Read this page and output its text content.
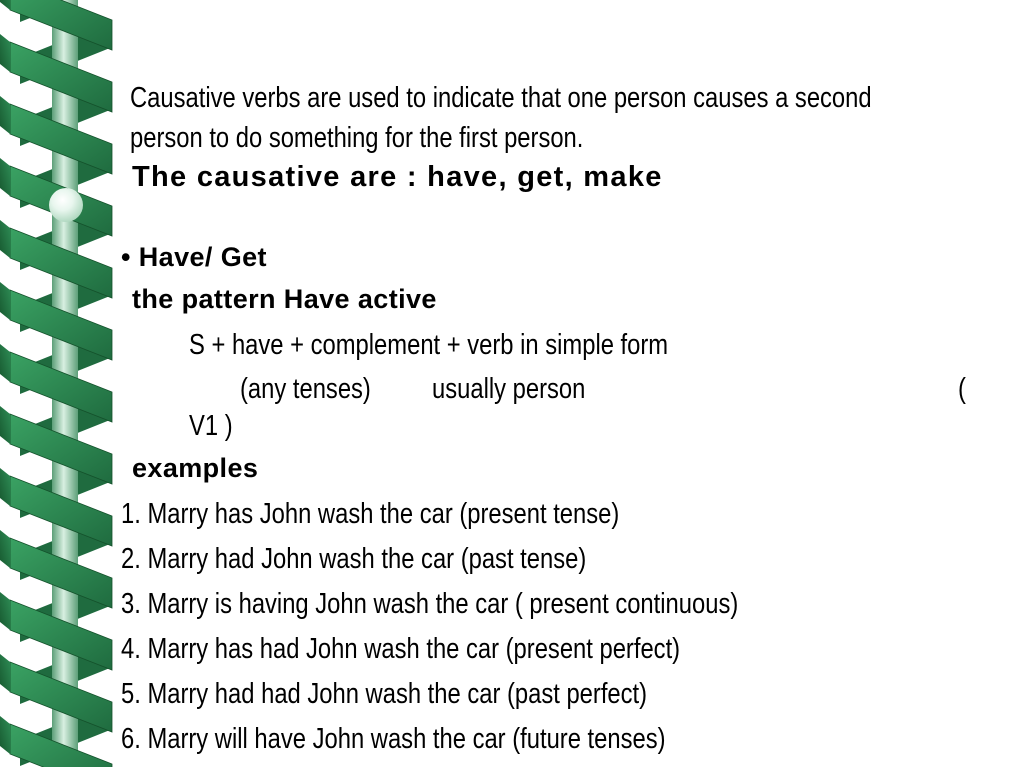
Causative verbs are used to indicate that one person causes a second
person to do something for the first person.
The causative are : have, get, make
• Have/ Get
the pattern Have active
S + have + complement + verb in simple form
(any tenses) usually person	(
V1 )
examples
1. Marry has John wash the car (present tense)
2. Marry had John wash the car (past tense)
3. Marry is having John wash the car ( present continuous)
4. Marry has had John wash the car (present perfect)
5. Marry had had John wash the car (past perfect)
6. Marry will have John wash the car (future tenses)
